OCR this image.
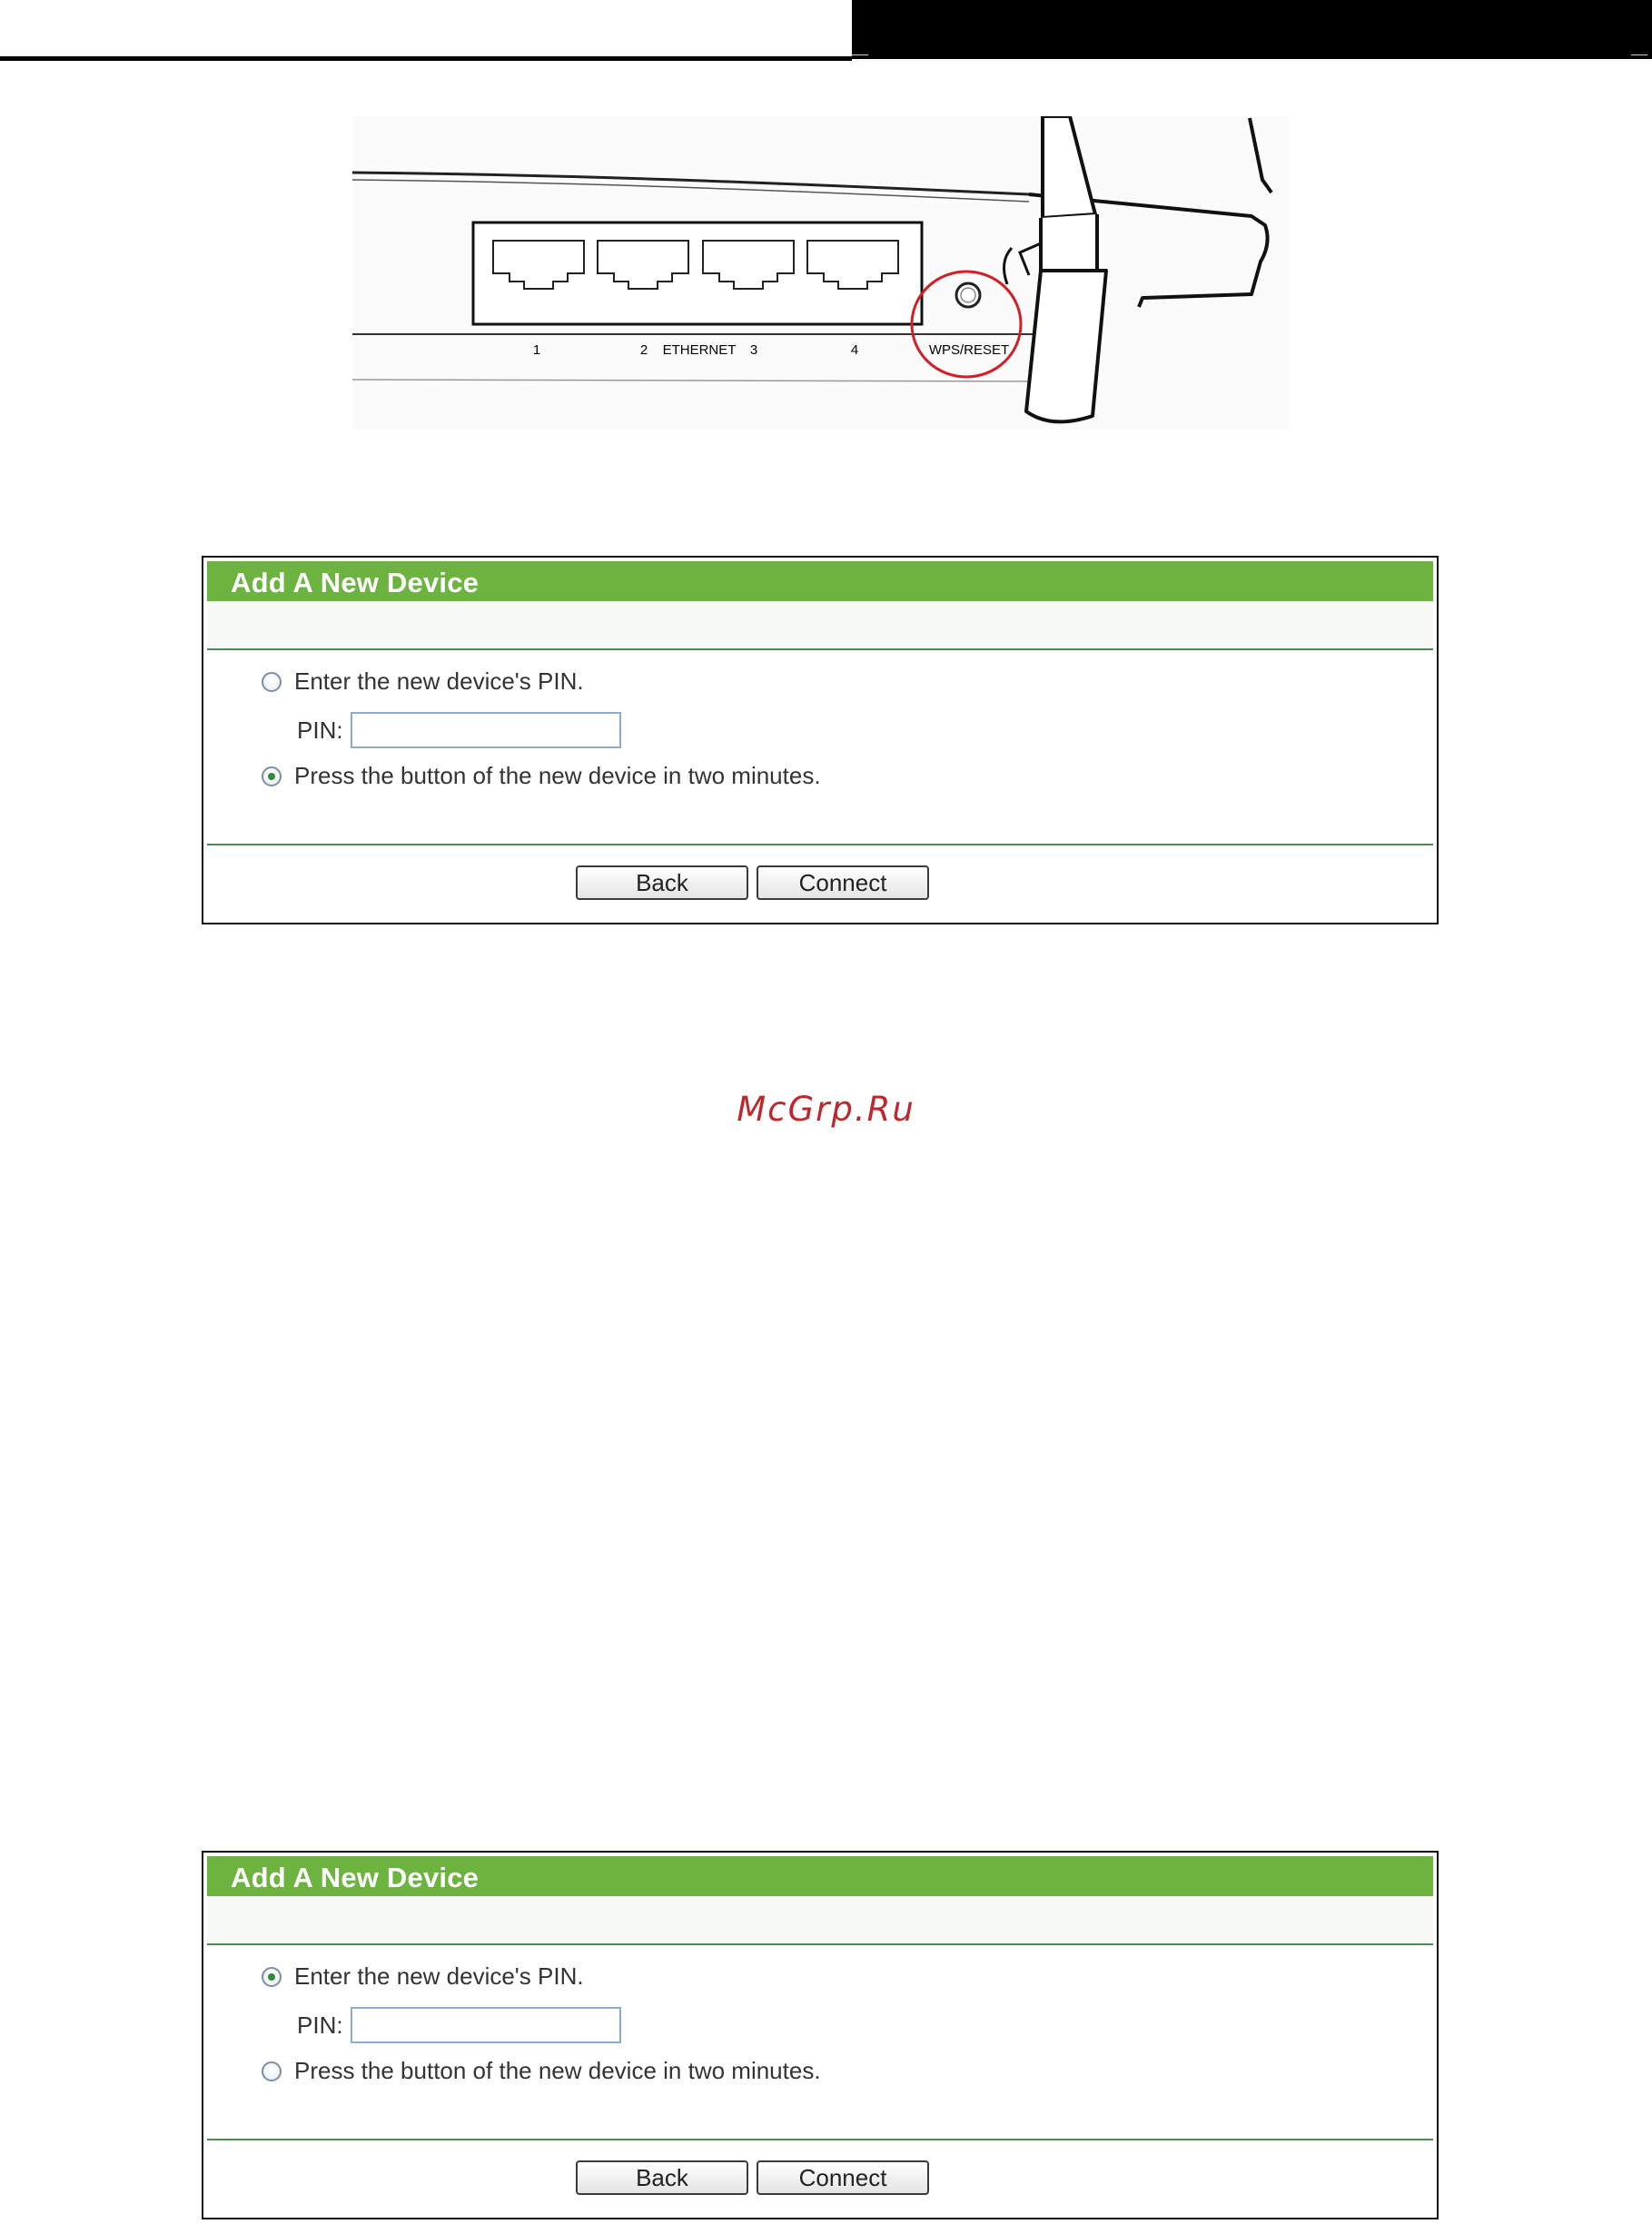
1	2 ETHERNET 3	4	WPS/RESET
Add A New Device
Enter the new device's PIN.
PIN:
Press the button of the new device in two minutes.
Back	Connect
McGrp.Ru
Add A New Device
Enter the new device's PIN.
PIN:
Press the button of the new device in two minutes.
Back	Connect
